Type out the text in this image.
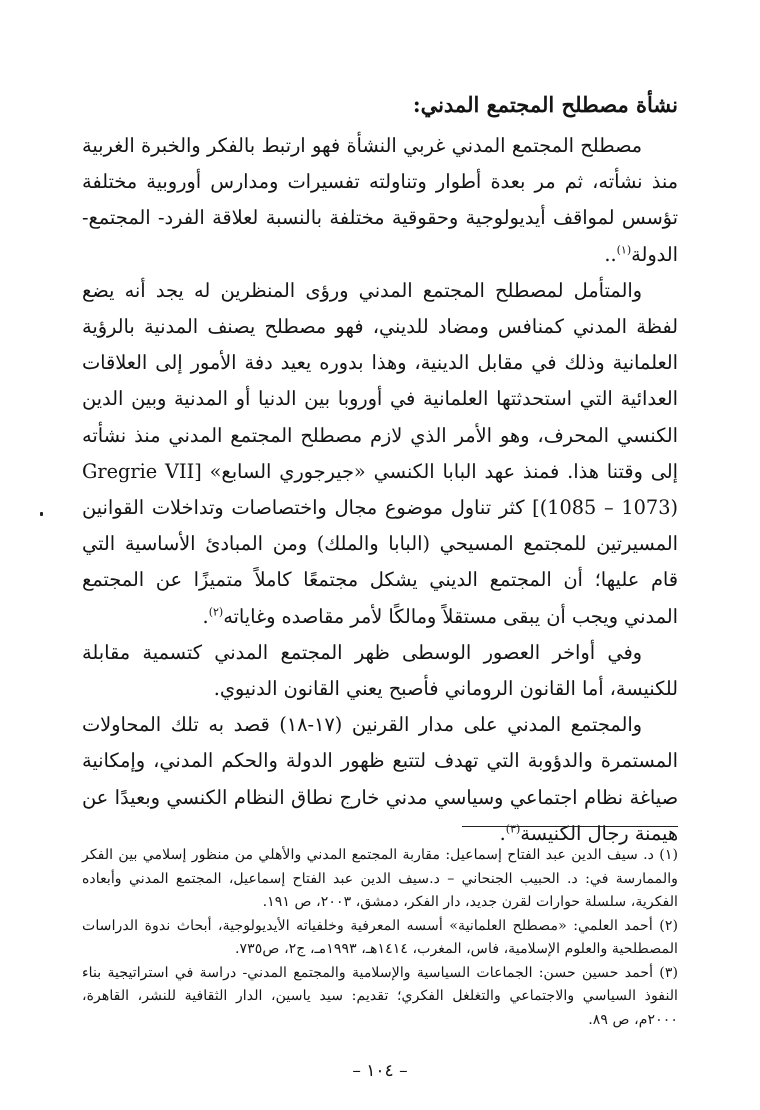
نشأة مصطلح المجتمع المدني:

مصطلح المجتمع المدني غربي النشأة فهو ارتبط بالفكر والخبرة الغربية منذ نشأته، ثم مر بعدة أطوار وتناولته تفسيرات ومدارس أوروبية مختلفة تؤسس لمواقف أيديولوجية وحقوقية مختلفة بالنسبة لعلاقة الفرد- المجتمع- الدولة$^{(١)}$..

والمتأمل لمصطلح المجتمع المدني ورؤى المنظرين له يجد أنه يضع لفظة المدني كمنافس ومضاد للديني، فهو مصطلح يصنف المدنية بالرؤية العلمانية وذلك في مقابل الدينية، وهذا بدوره يعيد دفة الأمور إلى العلاقات العدائية التي استحدثتها العلمانية في أوروبا بين الدنيا أو المدنية وبين الدين الكنسي المحرف، وهو الأمر الذي لازم مصطلح المجتمع المدني منذ نشأته إلى وقتنا هذا. فمنذ عهد البابا الكنسي «جيرجوري السابع» [Gregrie VII (1085 – 1073)] كثر تناول موضوع مجال واختصاصات وتداخلات القوانين المسيرتين للمجتمع المسيحي (البابا والملك) ومن المبادئ الأساسية التي قام عليها؛ أن المجتمع الديني يشكل مجتمعًا كاملاً متميزًا عن المجتمع المدني ويجب أن يبقى مستقلاً ومالكًا لأمر مقاصده وغاياته$^{(٢)}$.

وفي أواخر العصور الوسطى ظهر المجتمع المدني كتسمية مقابلة للكنيسة، أما القانون الروماني فأصبح يعني القانون الدنيوي.

والمجتمع المدني على مدار القرنين (١٧-١٨) قصد به تلك المحاولات المستمرة والدؤوبة التي تهدف لتتبع ظهور الدولة والحكم المدني، وإمكانية صياغة نظام اجتماعي وسياسي مدني خارج نطاق النظام الكنسي وبعيدًا عن هيمنة رجال الكنيسة$^{(٣)}$.

(١) د. سيف الدين عبد الفتاح إسماعيل: مقاربة المجتمع المدني والأهلي من منظور إسلامي بين الفكر والممارسة في: د. الحبيب الجنحاني – د.سيف الدين عبد الفتاح إسماعيل، المجتمع المدني وأبعاده الفكرية، سلسلة حوارات لقرن جديد، دار الفكر، دمشق، ٢٠٠٣، ص ١٩١.

(٢) أحمد العلمي: «مصطلح العلمانية» أسسه المعرفية وخلفياته الأيديولوجية، أبحاث ندوة الدراسات المصطلحية والعلوم الإسلامية، فاس، المغرب، ١٤١٤هـ، ١٩٩٣مـ، ج٢، ص٧٣٥.

(٣) أحمد حسين حسن: الجماعات السياسية والإسلامية والمجتمع المدني- دراسة في استراتيجية بناء النفوذ السياسي والاجتماعي والتغلغل الفكري؛ تقديم: سيد ياسين، الدار الثقافية للنشر، القاهرة، ٢٠٠٠م، ص ٨٩.

– ١٠٤ –
